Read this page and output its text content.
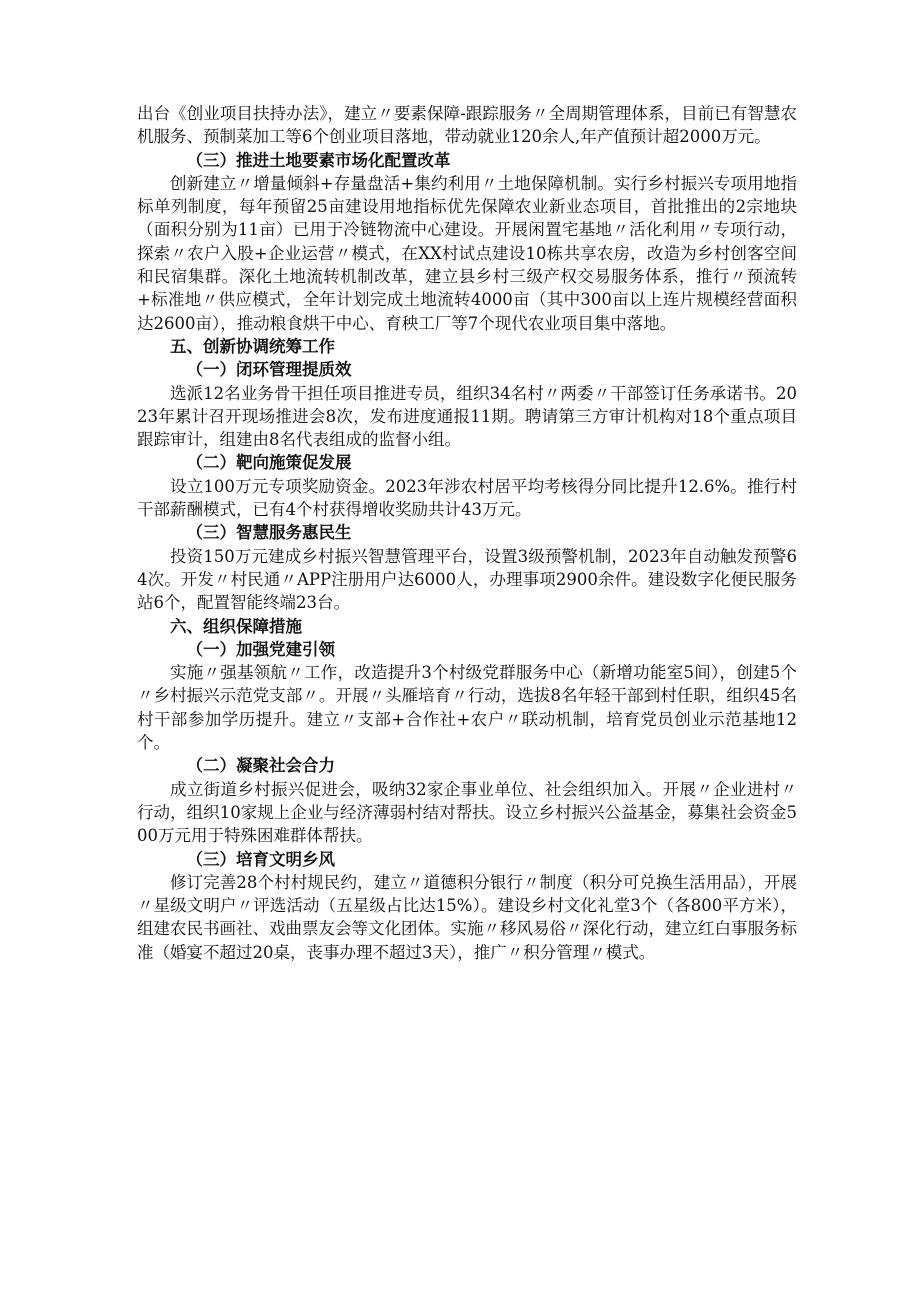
出台《创业项目扶持办法》，建立〃要素保障-跟踪服务〃全周期管理体系，目前已有智慧农机服务、预制菜加工等6个创业项目落地，带动就业120余人,年产值预计超2000万元。

（三）推进土地要素市场化配置改革

创新建立〃增量倾斜+存量盘活+集约利用〃土地保障机制。实行乡村振兴专项用地指标单列制度，每年预留25亩建设用地指标优先保障农业新业态项目，首批推出的2宗地块（面积分别为11亩）已用于冷链物流中心建设。开展闲置宅基地〃活化利用〃专项行动，探索〃农户入股+企业运营〃模式，在XX村试点建设10栋共享农房，改造为乡村创客空间和民宿集群。深化土地流转机制改革，建立县乡村三级产权交易服务体系，推行〃预流转+标准地〃供应模式，全年计划完成土地流转4000亩（其中300亩以上连片规模经营面积达2600亩），推动粮食烘干中心、育秧工厂等7个现代农业项目集中落地。

五、创新协调统筹工作

（一）闭环管理提质效

选派12名业务骨干担任项目推进专员，组织34名村〃两委〃干部签订任务承诺书。2023年累计召开现场推进会8次，发布进度通报11期。聘请第三方审计机构对18个重点项目跟踪审计，组建由8名代表组成的监督小组。

（二）靶向施策促发展

设立100万元专项奖励资金。2023年涉农村居平均考核得分同比提升12.6%。推行村干部薪酬模式，已有4个村获得增收奖励共计43万元。

（三）智慧服务惠民生

投资150万元建成乡村振兴智慧管理平台，设置3级预警机制，2023年自动触发预警64次。开发〃村民通〃APP注册用户达6000人，办理事项2900余件。建设数字化便民服务站6个，配置智能终端23台。

六、组织保障措施

（一）加强党建引领

实施〃强基领航〃工作，改造提升3个村级党群服务中心（新增功能室5间），创建5个〃乡村振兴示范党支部〃。开展〃头雁培育〃行动，选拔8名年轻干部到村任职，组织45名村干部参加学历提升。建立〃支部+合作社+农户〃联动机制，培育党员创业示范基地12个。

（二）凝聚社会合力

成立街道乡村振兴促进会，吸纳32家企事业单位、社会组织加入。开展〃企业进村〃行动，组织10家规上企业与经济薄弱村结对帮扶。设立乡村振兴公益基金，募集社会资金500万元用于特殊困难群体帮扶。

（三）培育文明乡风

修订完善28个村村规民约，建立〃道德积分银行〃制度（积分可兑换生活用品），开展〃星级文明户〃评选活动（五星级占比达15%）。建设乡村文化礼堂3个（各800平方米），组建农民书画社、戏曲票友会等文化团体。实施〃移风易俗〃深化行动，建立红白事服务标准（婚宴不超过20桌，丧事办理不超过3天），推广〃积分管理〃模式。
